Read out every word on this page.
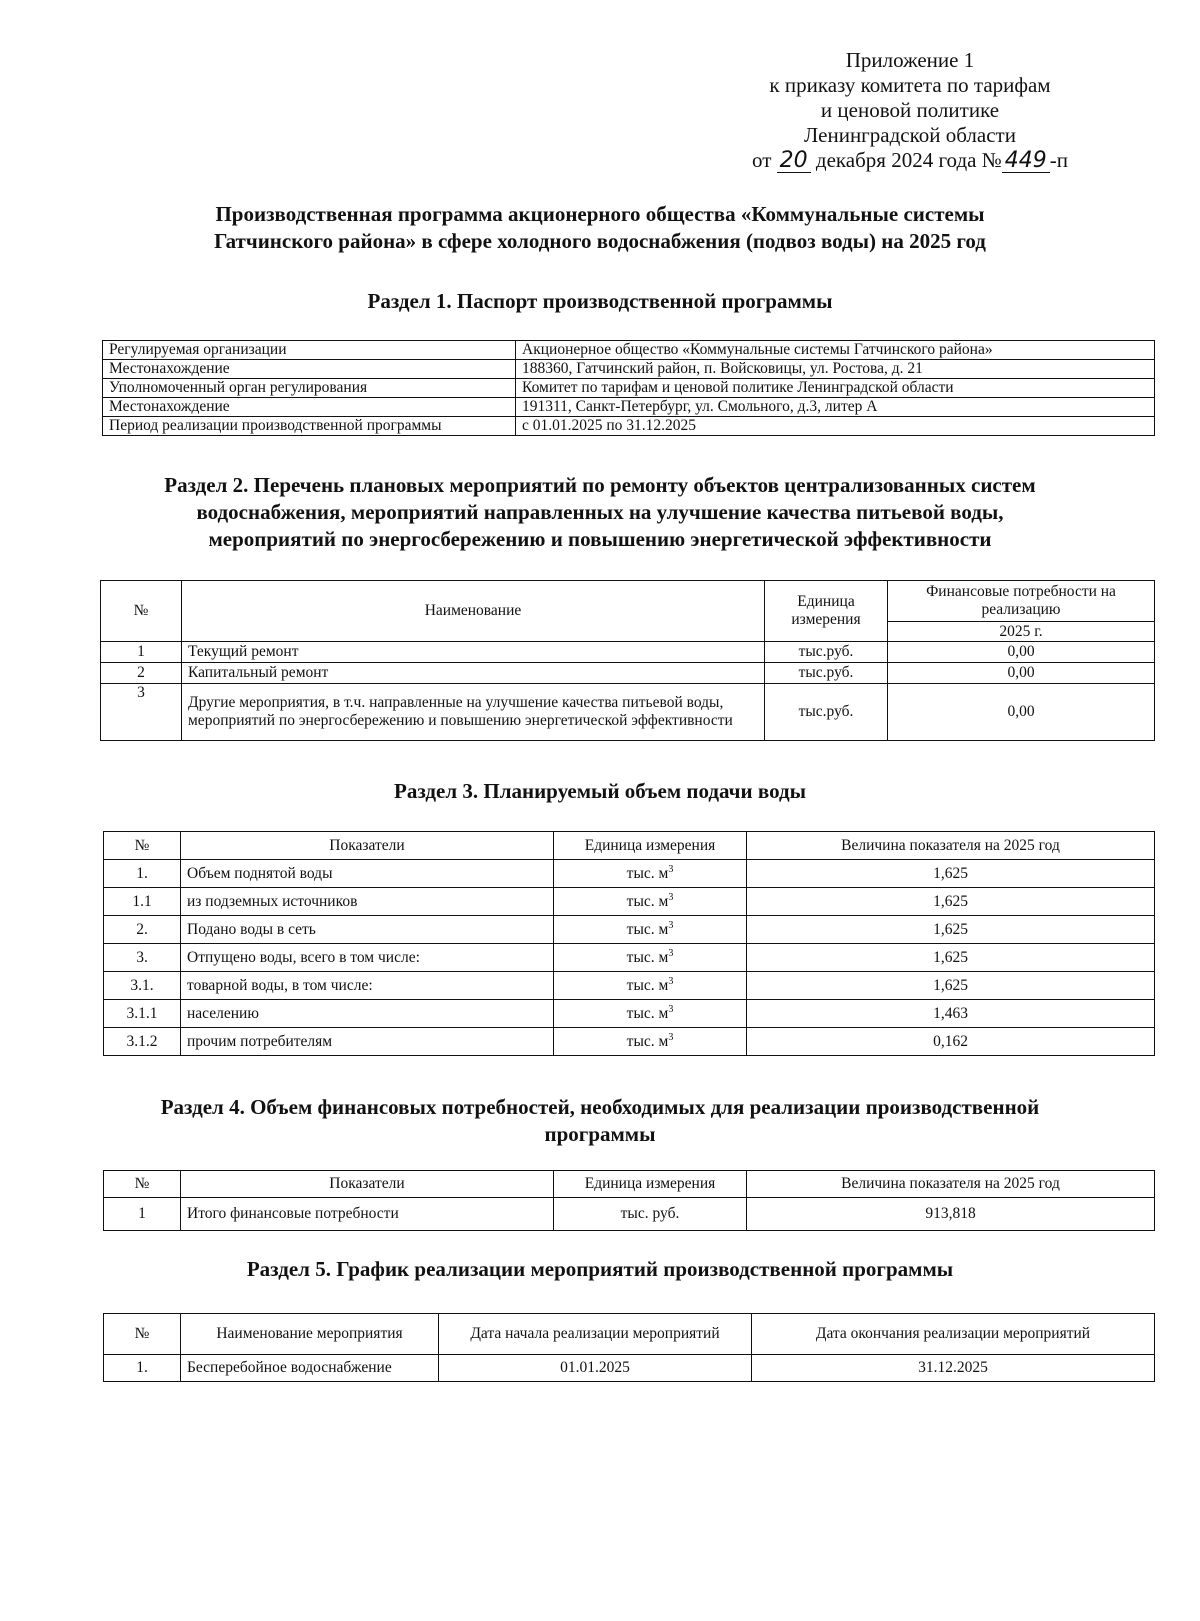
Приложение 1
к приказу комитета по тарифам
и ценовой политике
Ленинградской области
от 20 декабря 2024 года № 449 -п
Производственная программа акционерного общества «Коммунальные системы
Гатчинского района» в сфере холодного водоснабжения (подвоз воды) на 2025 год
Раздел 1. Паспорт производственной программы
Регулируемая организации	Акционерное общество «Коммунальные системы Гатчинского района»
Местонахождение	188360, Гатчинский район, п. Войсковицы, ул. Ростова, д. 21
Уполномоченный орган регулирования	Комитет по тарифам и ценовой политике Ленинградской области
Местонахождение	191311, Санкт-Петербург, ул. Смольного, д.3, литер А
Период реализации производственной программы	с 01.01.2025 по 31.12.2025
Раздел 2. Перечень плановых мероприятий по ремонту объектов централизованных систем
водоснабжения, мероприятий направленных на улучшение качества питьевой воды,
мероприятий по энергосбережению и повышению энергетической эффективности
№	Наименование	Единица измерения	Финансовые потребности на реализацию
			2025 г.
1	Текущий ремонт	тыс.руб.	0,00
2	Капитальный ремонт	тыс.руб.	0,00
3	Другие мероприятия, в т.ч. направленные на улучшение качества питьевой воды, мероприятий по энергосбережению и повышению энергетической эффективности	тыс.руб.	0,00
Раздел 3. Планируемый объем подачи воды
№	Показатели	Единица измерения	Величина показателя на 2025 год
1.	Объем поднятой воды	тыс. $м^3$	1,625
1.1	из подземных источников	тыс. $м^3$	1,625
2.	Подано воды в сеть	тыс. $м^3$	1,625
3.	Отпущено воды, всего в том числе:	тыс. $м^3$	1,625
3.1.	товарной воды, в том числе:	тыс. $м^3$	1,625
3.1.1	населению	тыс. $м^3$	1,463
3.1.2	прочим потребителям	тыс. $м^3$	0,162
Раздел 4. Объем финансовых потребностей, необходимых для реализации производственной
программы
№	Показатели	Единица измерения	Величина показателя на 2025 год
1	Итого финансовые потребности	тыс. руб.	913,818
Раздел 5. График реализации мероприятий производственной программы
№	Наименование мероприятия	Дата начала реализации мероприятий	Дата окончания реализации мероприятий
1.	Бесперебойное водоснабжение	01.01.2025	31.12.2025
